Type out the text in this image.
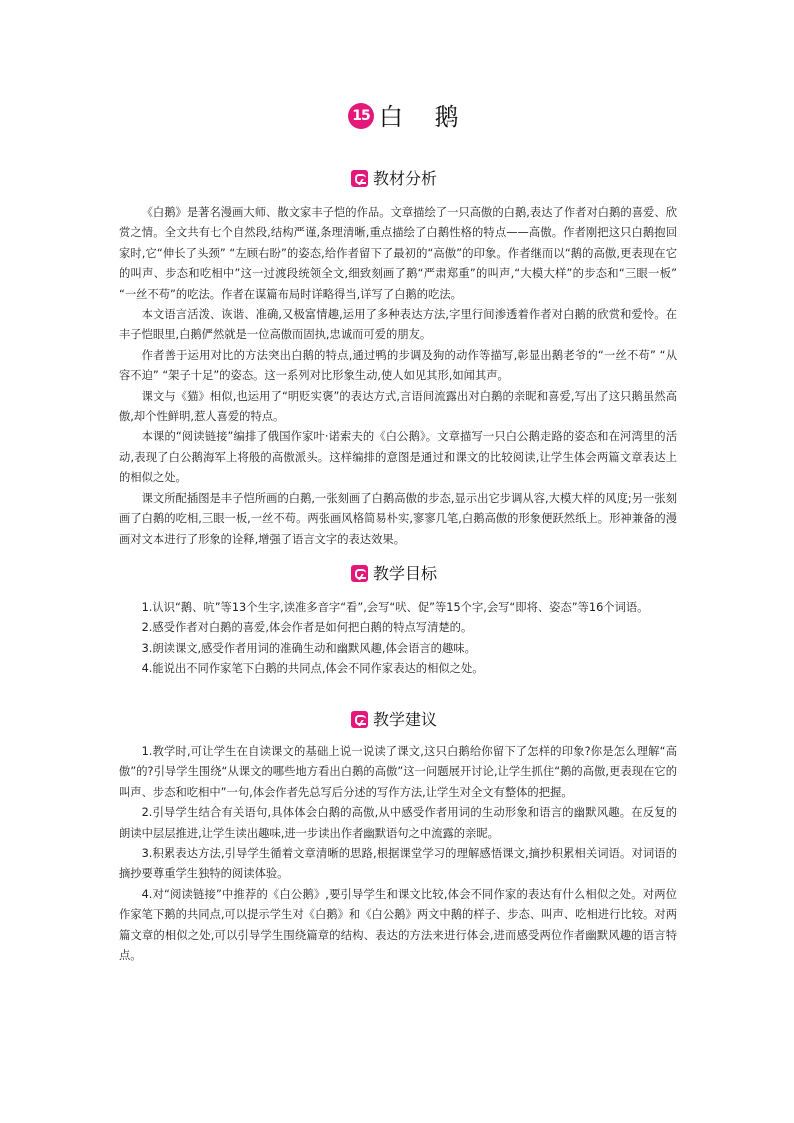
15 白 鹅
教材分析

《白鹅》是著名漫画大师、散文家丰子恺的作品。文章描绘了一只高傲的白鹅,表达了作者对白鹅的喜爱、欣赏之情。全文共有七个自然段,结构严谨,条理清晰,重点描绘了白鹅性格的特点——高傲。作者刚把这只白鹅抱回家时,它“伸长了头颈” “左顾右盼”的姿态,给作者留下了最初的“高傲”的印象。作者继而以“鹅的高傲,更表现在它的叫声、步态和吃相中”这一过渡段统领全文,细致刻画了鹅“严肃郑重”的叫声,“大模大样”的步态和“三眼一板” “一丝不苟”的吃法。作者在谋篇布局时详略得当,详写了白鹅的吃法。

本文语言活泼、诙谐、准确,又极富情趣,运用了多种表达方法,字里行间渗透着作者对白鹅的欣赏和爱怜。在丰子恺眼里,白鹅俨然就是一位高傲而固执,忠诚而可爱的朋友。

作者善于运用对比的方法突出白鹅的特点,通过鸭的步调及狗的动作等描写,彰显出鹅老爷的“一丝不苟” “从容不迫” “架子十足”的姿态。这一系列对比形象生动,使人如见其形,如闻其声。

课文与《猫》相似,也运用了“明贬实褒”的表达方式,言语间流露出对白鹅的亲昵和喜爱,写出了这只鹅虽然高傲,却个性鲜明,惹人喜爱的特点。

本课的“阅读链接”编排了俄国作家叶·诺索夫的《白公鹅》。文章描写一只白公鹅走路的姿态和在河湾里的活动,表现了白公鹅海军上将般的高傲派头。这样编排的意图是通过和课文的比较阅读,让学生体会两篇文章表达上的相似之处。

课文所配插图是丰子恺所画的白鹅,一张刻画了白鹅高傲的步态,显示出它步调从容,大模大样的风度;另一张刻画了白鹅的吃相,三眼一板,一丝不苟。两张画风格简易朴实,寥寥几笔,白鹅高傲的形象便跃然纸上。形神兼备的漫画对文本进行了形象的诠释,增强了语言文字的表达效果。

教学目标

1.认识“鹅、吭”等13个生字,读准多音字“看”,会写“吠、促”等15个字,会写“即将、姿态”等16个词语。

2.感受作者对白鹅的喜爱,体会作者是如何把白鹅的特点写清楚的。

3.朗读课文,感受作者用词的准确生动和幽默风趣,体会语言的趣味。

4.能说出不同作家笔下白鹅的共同点,体会不同作家表达的相似之处。

教学建议

1.教学时,可让学生在自读课文的基础上说一说读了课文,这只白鹅给你留下了怎样的印象?你是怎么理解“高傲”的?引导学生围绕“从课文的哪些地方看出白鹅的高傲”这一问题展开讨论,让学生抓住“鹅的高傲,更表现在它的叫声、步态和吃相中”一句,体会作者先总写后分述的写作方法,让学生对全文有整体的把握。

2.引导学生结合有关语句,具体体会白鹅的高傲,从中感受作者用词的生动形象和语言的幽默风趣。在反复的朗读中层层推进,让学生读出趣味,进一步读出作者幽默语句之中流露的亲昵。

3.积累表达方法,引导学生循着文章清晰的思路,根据课堂学习的理解感悟课文,摘抄积累相关词语。对词语的摘抄要尊重学生独特的阅读体验。

4.对“阅读链接”中推荐的《白公鹅》,要引导学生和课文比较,体会不同作家的表达有什么相似之处。对两位作家笔下鹅的共同点,可以提示学生对《白鹅》和《白公鹅》两文中鹅的样子、步态、叫声、吃相进行比较。对两篇文章的相似之处,可以引导学生围绕篇章的结构、表达的方法来进行体会,进而感受两位作者幽默风趣的语言特点。
